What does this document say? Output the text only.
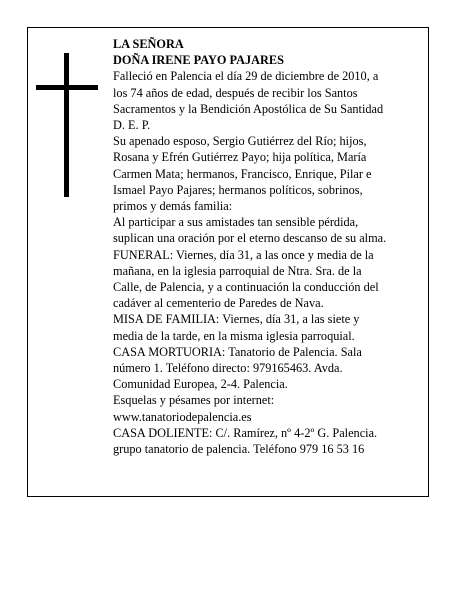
LA SEÑORA
DOÑA IRENE PAYO PAJARES
Falleció en Palencia el día 29 de diciembre de 2010, a
los 74 años de edad, después de recibir los Santos
Sacramentos y la Bendición Apostólica de Su Santidad
D. E. P.
Su apenado esposo, Sergio Gutiérrez del Río; hijos,
Rosana y Efrén Gutiérrez Payo; hija política, María
Carmen Mata; hermanos, Francisco, Enrique, Pilar e
Ismael Payo Pajares; hermanos políticos, sobrinos,
primos y demás familia:
Al participar a sus amistades tan sensible pérdida,
suplican una oración por el eterno descanso de su alma.
FUNERAL: Viernes, día 31, a las once y media de la
mañana, en la iglesia parroquial de Ntra. Sra. de la
Calle, de Palencia, y a continuación la conducción del
cadáver al cementerio de Paredes de Nava.
MISA DE FAMILIA: Viernes, día 31, a las siete y
media de la tarde, en la misma iglesia parroquial.
CASA MORTUORIA: Tanatorio de Palencia. Sala
número 1. Teléfono directo: 979165463. Avda.
Comunidad Europea, 2-4. Palencia.
Esquelas y pésames por internet:
www.tanatoriodepalencia.es
CASA DOLIENTE: C/. Ramírez, nº 4-2º G. Palencia.
grupo tanatorio de palencia. Teléfono 979 16 53 16
